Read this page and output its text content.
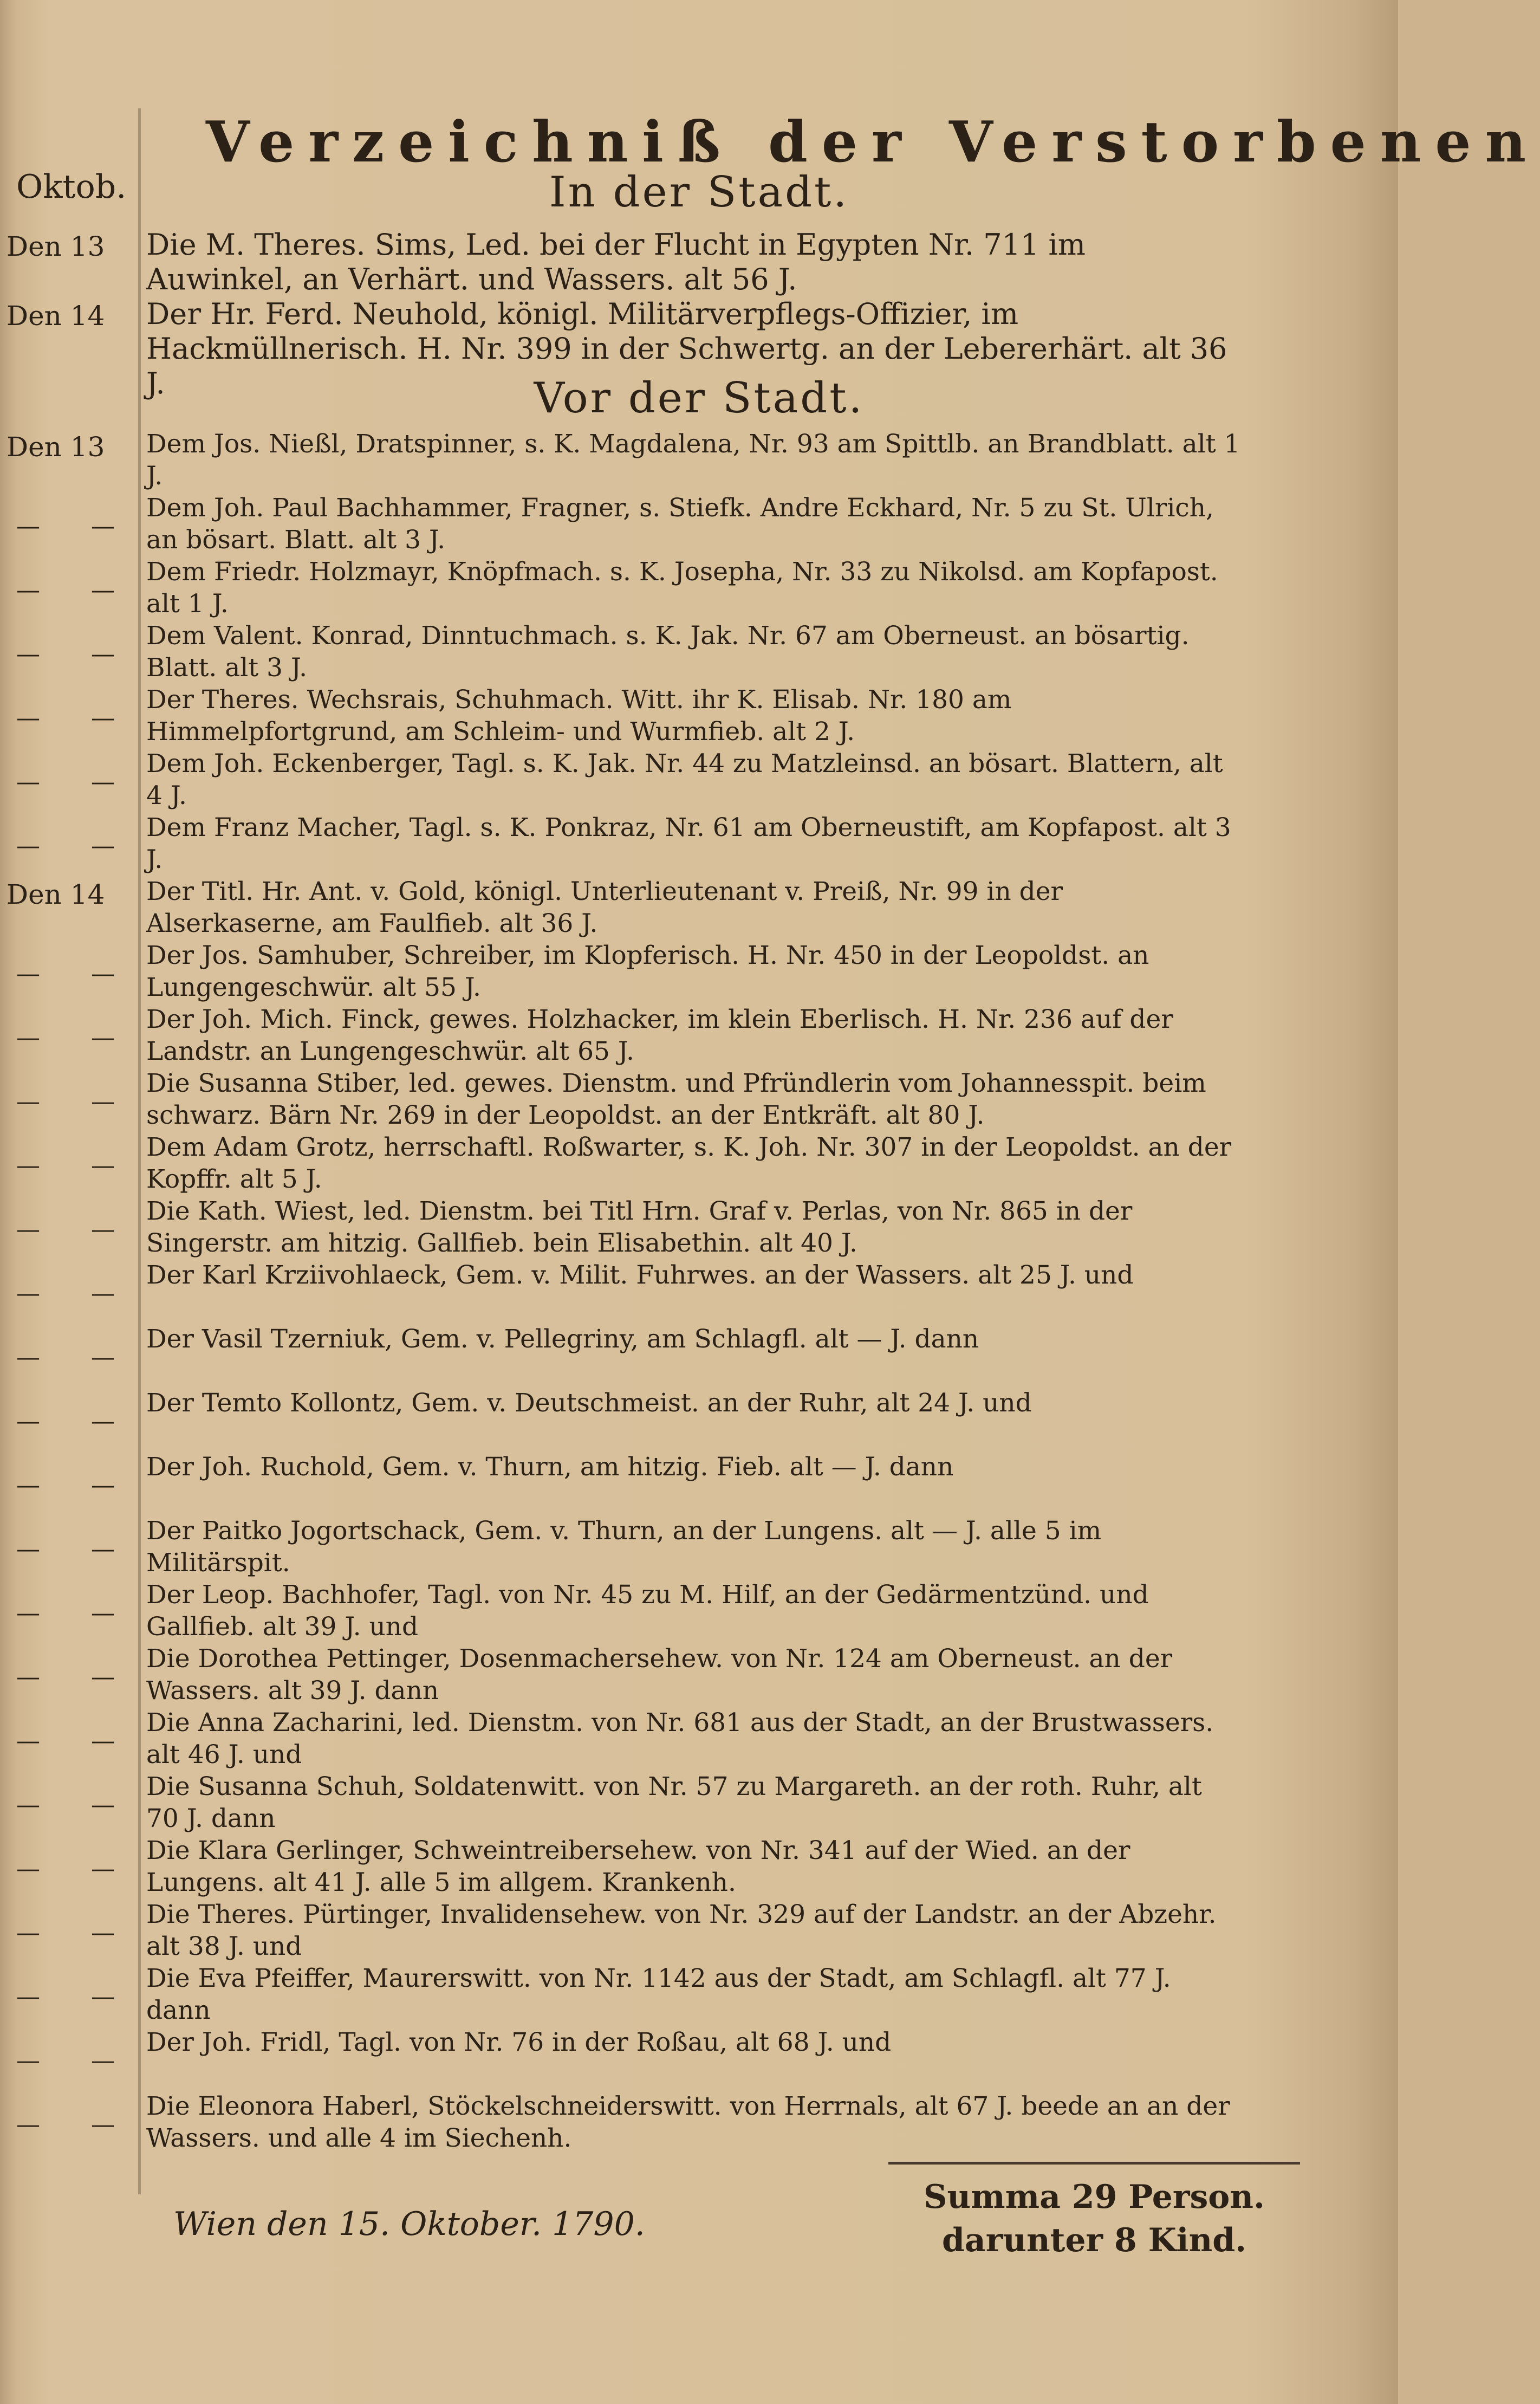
Verzeichniß der Verstorbenen
Oktob.	In der Stadt.
Den 13 Die M. Theres. Sims, Led. bei der Flucht in Egypten Nr. 711 im Auwinkel, an Verhärt. und Wassers. alt 56 J.
Den 14 Der Hr. Ferd. Neuhold, königl. Militärverpflegs-Offizier, im Hackmüllnerisch. H. Nr. 399 in der Schwertg. an der Lebererhärt. alt 36 J.	Vor der Stadt.
Den 13 Dem Jos. Nießl, Dratspinner, s. K. Magdalena, Nr. 93 am Spittlb. an Brandblatt. alt 1 J.
— —
Dem Joh. Paul Bachhammer, Fragner, s. Stiefk. Andre Eckhard, Nr. 5 zu St. Ulrich, an bösart. Blatt. alt 3 J.
— —
Dem Friedr. Holzmayr, Knöpfmach. s. K. Josepha, Nr. 33 zu Nikolsd. am Kopfapost. alt 1 J.
— —
Dem Valent. Konrad, Dinntuchmach. s. K. Jak. Nr. 67 am Oberneust. an bösartig. Blatt. alt 3 J.
— —
Der Theres. Wechsrais, Schuhmach. Witt. ihr K. Elisab. Nr. 180 am Himmelpfortgrund, am Schleim- und Wurmfieb. alt 2 J.
— —
Dem Joh. Eckenberger, Tagl. s. K. Jak. Nr. 44 zu Matzleinsd. an bösart. Blattern, alt 4 J.
— —
Dem Franz Macher, Tagl. s. K. Ponkraz, Nr. 61 am Oberneustift, am Kopfapost. alt 3 J.
Den 14 Der Titl. Hr. Ant. v. Gold, königl. Unterlieutenant v. Preiß, Nr. 99 in der Alserkaserne, am Faulfieb. alt 36 J.
— —
Der Jos. Samhuber, Schreiber, im Klopferisch. H. Nr. 450 in der Leopoldst. an Lungengeschwür. alt 55 J.
— —
Der Joh. Mich. Finck, gewes. Holzhacker, im klein Eberlisch. H. Nr. 236 auf der Landstr. an Lungengeschwür. alt 65 J.
— —
Die Susanna Stiber, led. gewes. Dienstm. und Pfründlerin vom Johannesspit. beim schwarz. Bärn Nr. 269 in der Leopoldst. an der Entkräft. alt 80 J.
— —
Dem Adam Grotz, herrschaftl. Roßwarter, s. K. Joh. Nr. 307 in der Leopoldst. an der Kopffr. alt 5 J.
— —
Die Kath. Wiest, led. Dienstm. bei Titl Hrn. Graf v. Perlas, von Nr. 865 in der Singerstr. am hitzig. Gallfieb. bein Elisabethin. alt 40 J.
— —
Der Karl Krziivohlaeck, Gem. v. Milit. Fuhrwes. an der Wassers. alt 25 J. und
— —
Der Vasil Tzerniuk, Gem. v. Pellegriny, am Schlagfl. alt — J. dann
— —
Der Temto Kollontz, Gem. v. Deutschmeist. an der Ruhr, alt 24 J. und
— —
Der Joh. Ruchold, Gem. v. Thurn, am hitzig. Fieb. alt — J. dann
— —
Der Paitko Jogortschack, Gem. v. Thurn, an der Lungens. alt — J. alle 5 im Militärspit.
— —
Der Leop. Bachhofer, Tagl. von Nr. 45 zu M. Hilf, an der Gedärmentzünd. und Gallfieb. alt 39 J. und
— —
Die Dorothea Pettinger, Dosenmachersehew. von Nr. 124 am Oberneust. an der Wassers. alt 39 J. dann
— —
Die Anna Zacharini, led. Dienstm. von Nr. 681 aus der Stadt, an der Brustwassers. alt 46 J. und
— —
Die Susanna Schuh, Soldatenwitt. von Nr. 57 zu Margareth. an der roth. Ruhr, alt 70 J. dann
— —
Die Klara Gerlinger, Schweintreibersehew. von Nr. 341 auf der Wied. an der Lungens. alt 41 J. alle 5 im allgem. Krankenh.
— —
Die Theres. Pürtinger, Invalidensehew. von Nr. 329 auf der Landstr. an der Abzehr. alt 38 J. und
— —
Die Eva Pfeiffer, Maurerswitt. von Nr. 1142 aus der Stadt, am Schlagfl. alt 77 J. dann
— —
Der Joh. Fridl, Tagl. von Nr. 76 in der Roßau, alt 68 J. und
— —
Die Eleonora Haberl, Stöckelschneiderswitt. von Herrnals, alt 67 J. beede an an der Wassers. und alle 4 im Siechenh.
Summa 29 Person.
darunter 8 Kind.
Wien den 15. Oktober. 1790.
